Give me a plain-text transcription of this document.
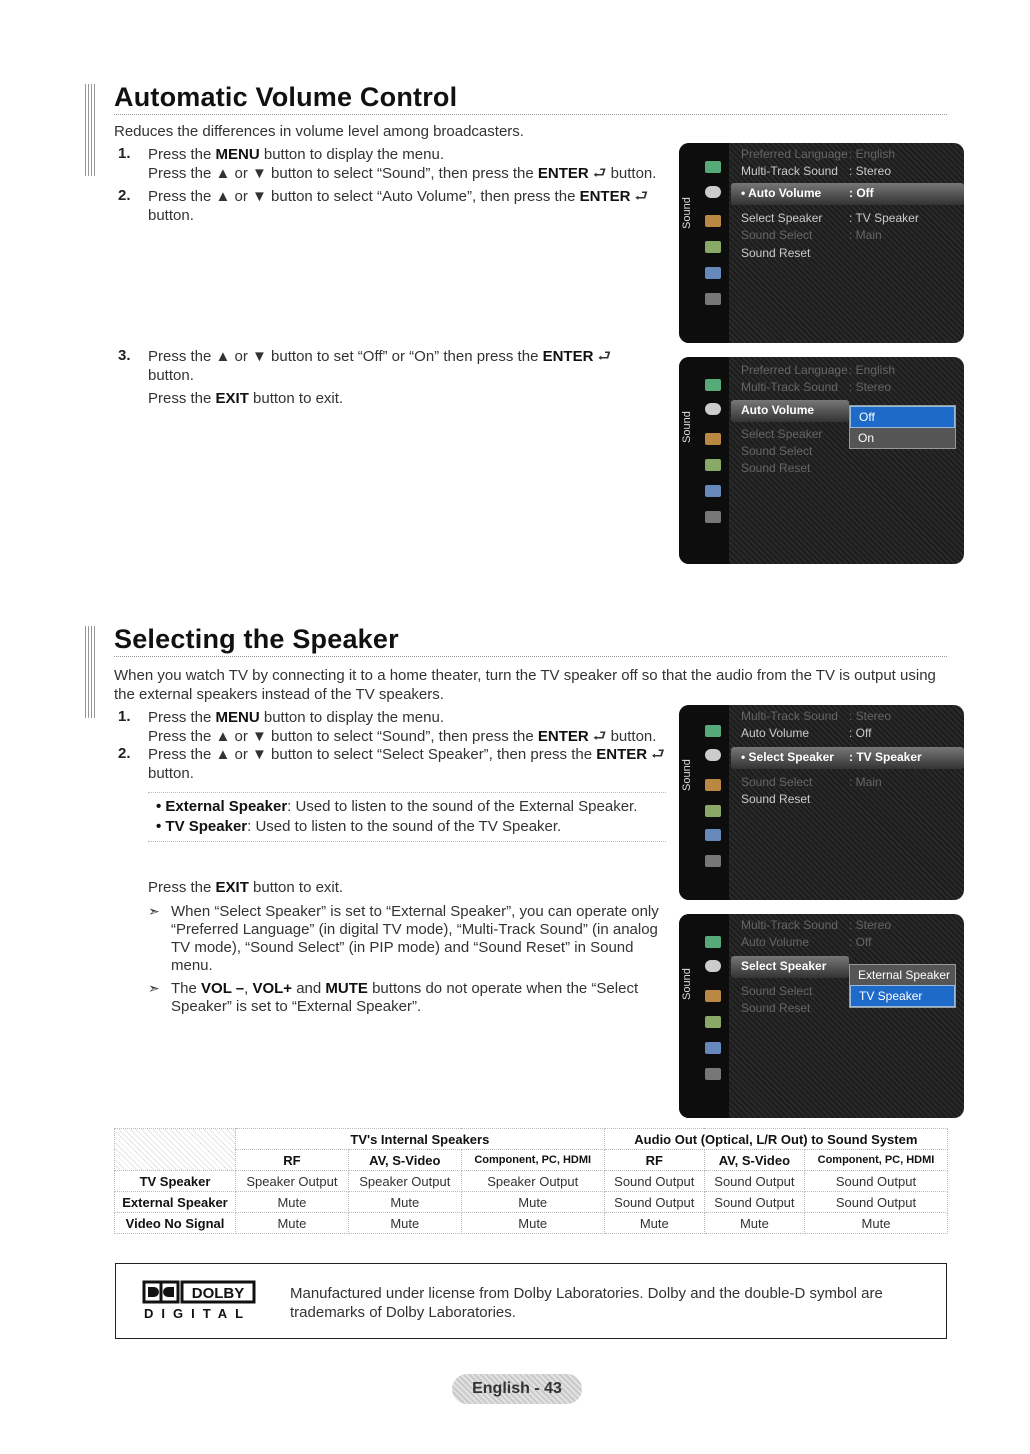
Automatic Volume Control
Reduces the differences in volume level among broadcasters.
1. Press the MENU button to display the menu.
Press the ▲ or ▼ button to select “Sound”, then press the ENTER ⮐ button.
2. Press the ▲ or ▼ button to select “Auto Volume”, then press the ENTER ⮐
button.
3. Press the ▲ or ▼ button to set “Off” or “On” then press the ENTER ⮐
button.
Press the EXIT button to exit.
Sound
Preferred Language : English
Multi-Track Sound : Stereo
• Auto Volume : Off
Select Speaker : TV Speaker
Sound Select	: Main
Sound Reset
Sound
Preferred Language : English
Multi-Track Sound : Stereo
Auto Volume
Select Speaker
Sound Select
Sound Reset
Off
On
Selecting the Speaker
When you watch TV by connecting it to a home theater, turn the TV speaker off so that the audio from the TV is output using
the external speakers instead of the TV speakers.
1. Press the MENU button to display the menu.
Press the ▲ or ▼ button to select “Sound”, then press the ENTER ⮐ button.
2. Press the ▲ or ▼ button to select “Select Speaker”, then press the ENTER ⮐
button.
• External Speaker: Used to listen to the sound of the External Speaker.
• TV Speaker: Used to listen to the sound of the TV Speaker.
Press the EXIT button to exit.
➣ When “Select Speaker” is set to “External Speaker”, you can operate only
“Preferred Language” (in digital TV mode), “Multi-Track Sound” (in analog
TV mode), “Sound Select” (in PIP mode) and “Sound Reset” in Sound
menu.
➣ The VOL –, VOL+ and MUTE buttons do not operate when the “Select
Speaker” is set to “External Speaker”.
Sound
Multi-Track Sound : Stereo
Auto Volume	: Off
• Select Speaker : TV Speaker
Sound Select	: Main
Sound Reset
Sound
Multi-Track Sound : Stereo
Auto Volume	: Off
Select Speaker
Sound Select
Sound Reset
External Speaker
TV Speaker
	TV's Internal Speakers			Audio Out (Optical, L/R Out) to Sound System		
	RF	AV, S-Video	Component, PC, HDMI	RF	AV, S-Video	Component, PC, HDMI
TV Speaker	Speaker Output	Speaker Output	Speaker Output	Sound Output	Sound Output	Sound Output
External Speaker	Mute	Mute	Mute	Sound Output	Sound Output	Sound Output
Video No Signal	Mute	Mute	Mute	Mute	Mute	Mute
DOLBY
DIGITAL
Manufactured under license from Dolby Laboratories. Dolby and the double-D symbol are
trademarks of Dolby Laboratories.
English - 43
